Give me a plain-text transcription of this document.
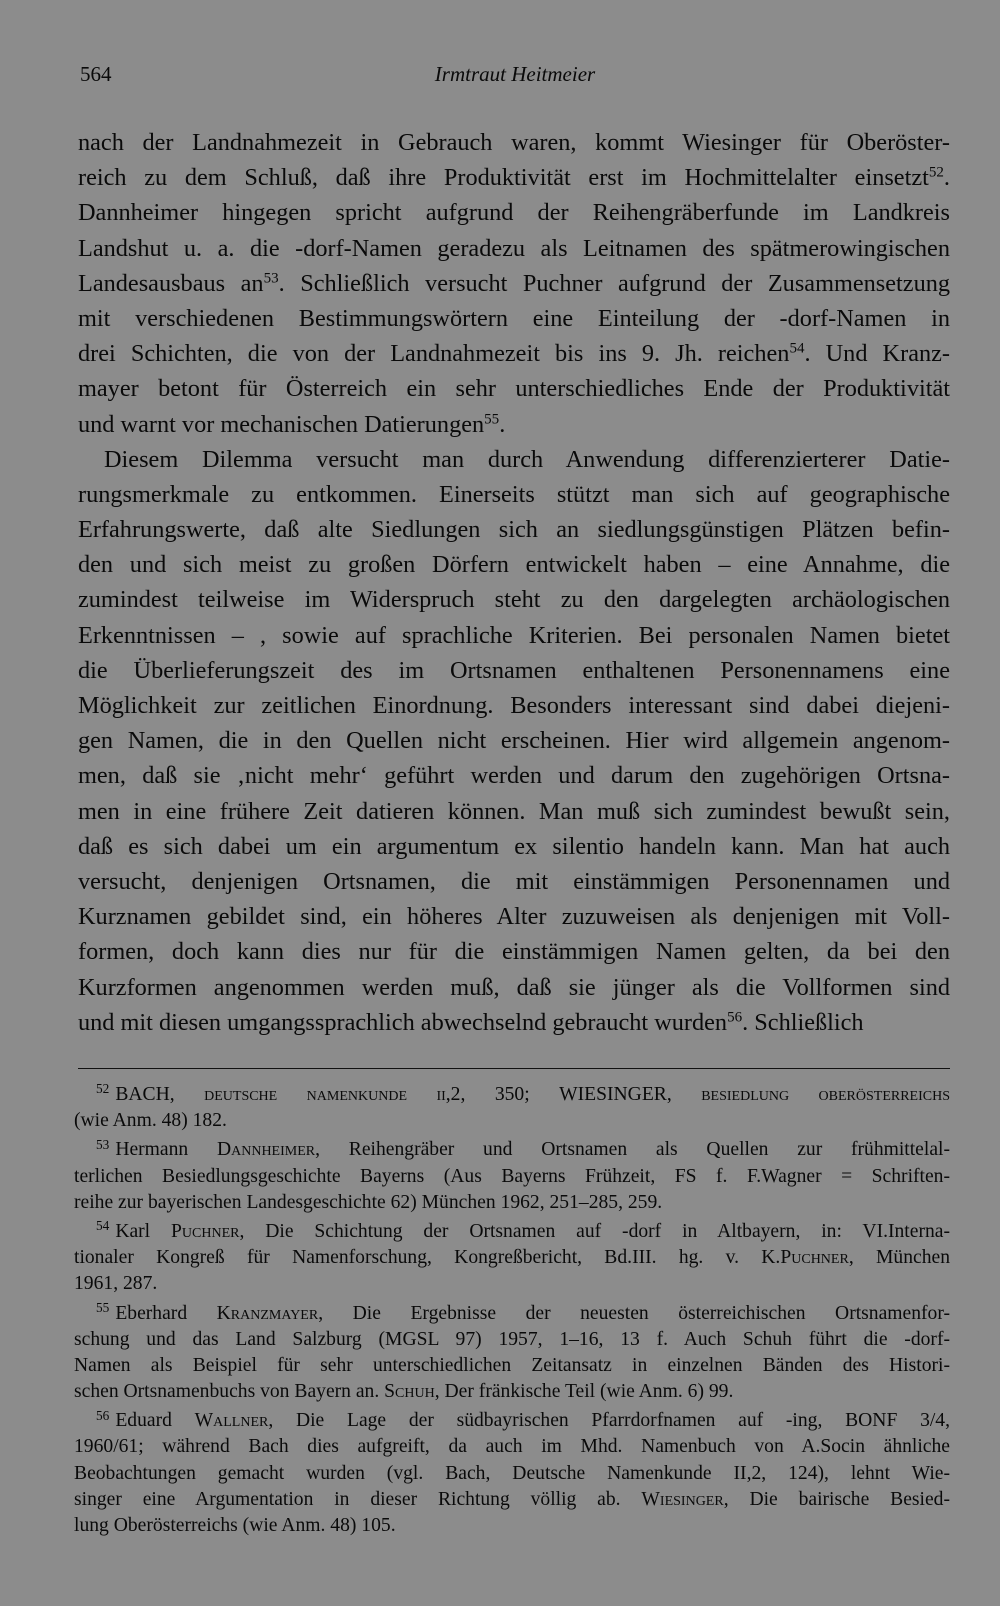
564	Irmtraut Heitmeier
nach der Landnahmezeit in Gebrauch waren, kommt Wiesinger für Oberöster-
reich zu dem Schluß, daß ihre Produktivität erst im Hochmittelalter einsetzt$^{52}$.
Dannheimer hingegen spricht aufgrund der Reihengräberfunde im Landkreis
Landshut u. a. die -dorf-Namen geradezu als Leitnamen des spätmerowingischen
Landesausbaus $an^{53}$. Schließlich versucht Puchner aufgrund der Zusammensetzung
mit verschiedenen Bestimmungswörtern eine Einteilung der -dorf-Namen in
drei Schichten, die von der Landnahmezeit bis ins 9. Jh. reichen$^{54}$. Und Kranz-
mayer betont für Österreich ein sehr unterschiedliches Ende der Produktivität
und warnt vor mechanischen Datierungen$^{55}$.
Diesem Dilemma versucht man durch Anwendung differenzierterer Datie-
rungsmerkmale zu entkommen. Einerseits stützt man sich auf geographische
Erfahrungswerte, daß alte Siedlungen sich an siedlungsgünstigen Plätzen befin-
den und sich meist zu großen Dörfern entwickelt haben – eine Annahme, die
zumindest teilweise im Widerspruch steht zu den dargelegten archäologischen
Erkenntnissen – , sowie auf sprachliche Kriterien. Bei personalen Namen bietet
die Überlieferungszeit des im Ortsnamen enthaltenen Personennamens eine
Möglichkeit zur zeitlichen Einordnung. Besonders interessant sind dabei diejeni-
gen Namen, die in den Quellen nicht erscheinen. Hier wird allgemein angenom-
men, daß sie ‚nicht mehr‘ geführt werden und darum den zugehörigen Ortsna-
men in eine frühere Zeit datieren können. Man muß sich zumindest bewußt sein,
daß es sich dabei um ein argumentum ex silentio handeln kann. Man hat auch
versucht, denjenigen Ortsnamen, die mit einstämmigen Personennamen und
Kurznamen gebildet sind, ein höheres Alter zuzuweisen als denjenigen mit Voll-
formen, doch kann dies nur für die einstämmigen Namen gelten, da bei den
Kurzformen angenommen werden muß, daß sie jünger als die Vollformen sind
und mit diesen umgangssprachlich abwechselnd gebraucht wurden$^{56}$. Schließlich
$^{52}$ BACH, deutsche namenkunde ii,2, 350; WIESINGER, besiedlung oberösterreichs
(wie Anm. 48) 182.
$^{53}$ Hermann Dannheimer, Reihengräber und Ortsnamen als Quellen zur frühmittelal-
terlichen Besiedlungsgeschichte Bayerns (Aus Bayerns Frühzeit, FS f. F.Wagner = Schriften-
reihe zur bayerischen Landesgeschichte 62) München 1962, 251–285, 259.
$^{54}$ Karl Puchner, Die Schichtung der Ortsnamen auf -dorf in Altbayern, in: VI.Interna-
tionaler Kongreß für Namenforschung, Kongreßbericht, Bd.III. hg. v. K.Puchner, München
1961, 287.
$^{55}$ Eberhard Kranzmayer, Die Ergebnisse der neuesten österreichischen Ortsnamenfor-
schung und das Land Salzburg (MGSL 97) 1957, 1–16, 13 f. Auch Schuh führt die -dorf-
Namen als Beispiel für sehr unterschiedlichen Zeitansatz in einzelnen Bänden des Histori-
schen Ortsnamenbuchs von Bayern an. Schuh, Der fränkische Teil (wie Anm. 6) 99.
$^{56}$ Eduard Wallner, Die Lage der südbayrischen Pfarrdorfnamen auf -ing, BONF 3/4,
1960/61; während Bach dies aufgreift, da auch im Mhd. Namenbuch von A.Socin ähnliche
Beobachtungen gemacht wurden (vgl. Bach, Deutsche Namenkunde II,2, 124), lehnt Wie-
singer eine Argumentation in dieser Richtung völlig ab. Wiesinger, Die bairische Besied-
lung Oberösterreichs (wie Anm. 48) 105.
